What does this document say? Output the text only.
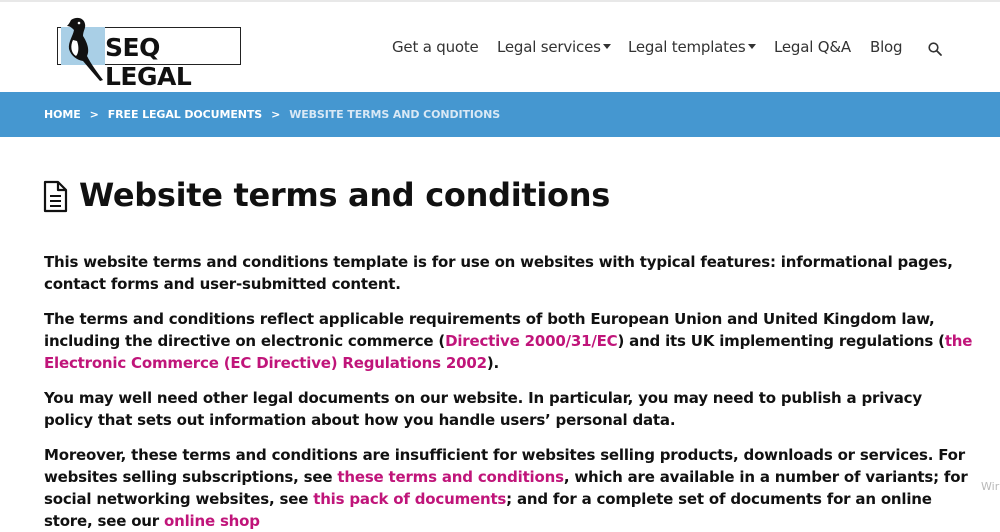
SEQ LEGAL
Get a quote Legal services	Legal templates	Legal Q&A Blog
HOME > FREE LEGAL DOCUMENTS > WEBSITE TERMS AND CONDITIONS
Website terms and conditions

This website terms and conditions template is for use on websites with typical features: informational pages, contact forms and user-submitted content.

The terms and conditions reflect applicable requirements of both European Union and United Kingdom law, including the directive on electronic commerce (Directive 2000/31/EC) and its UK implementing regulations (the Electronic Commerce (EC Directive) Regulations 2002).

You may well need other legal documents on our website. In particular, you may need to publish a privacy policy that sets out information about how you handle users’ personal data.

Moreover, these terms and conditions are insufficient for websites selling products, downloads or services. For websites selling subscriptions, see these terms and conditions, which are available in a number of variants; for social networking websites, see this pack of documents; and for a complete set of documents for an online store, see our online shop

Wir
